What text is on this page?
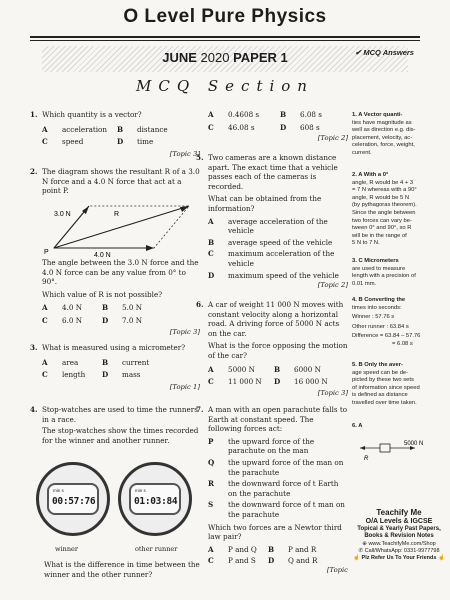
O Level Pure Physics
JUNE 2020 PAPER 1	✔ MCQ Answers
MCQ Section
1. Which quantity is a vector?
A acceleration B distance
C speed	D time
[Topic 3]
2. The diagram shows the resultant R of a 3.0 N force and a 4.0 N force that act at a point P.
3.0 N	R
P	4.0 N
The angle between the 3.0 N force and the 4.0 N force can be any value from 0° to 90°.
Which value of R is not possible?
A 4.0 N	B 5.0 N
C 6.0 N	D 7.0 N
[Topic 3]
3. What is measured using a micrometer?
A area	B current
C length D mass
[Topic 1]
4. Stop-watches are used to time the runners in a race.
The stop-watches show the times recorded for the winner and another runner.
min s
00:57:76
min s
01:03:84
winner	other runner
What is the difference in time between the winner and the other runner?
A 0.4608 s	B 6.08 s
C 46.08 s	D 608 s
[Topic 2]
5. Two cameras are a known distance apart. The exact time that a vehicle passes each of the cameras is recorded.
What can be obtained from the information?
A	average acceleration of the vehicle
B	average speed of the vehicle
C	maximum acceleration of the vehicle
D	maximum speed of the vehicle
[Topic 2]
6. A car of weight 11 000 N moves with constant velocity along a horizontal road. A driving force of 5000 N acts on the car.
What is the force opposing the motion of the car?
A 5000 N	B 6000 N
C 11 000 N D 16 000 N
[Topic 3]
7. A man with an open parachute falls to Earth at constant speed. The following forces act:
P	the upward force of the parachute on the man
Q	the upward force of the man on the parachute
R	the downward force of t Earth on the parachute
S	the downward force of t man on the parachute
Which two forces are a Newtor third law pair?
A P and Q B P and R
C P and S D Q and R
[Topic
1. A Vector quanti-
ties have magnitude as
well as direction e.g. dis-
placement, velocity, ac-
celeration, force, weight,
current.
2. A With a 0°
angle, R would be 4 + 3
= 7 N whereas with a 90°
angle, R would be 5 N
(by pythagoras theorem).
Since the angle between
two forces can vary be-
tween 0° and 90°, so R
will be in the range of
5 N to 7 N.
3. C Micrometers
are used to measure
length with a precision of
0.01 mm.
4. B Converting the
times into seconds:
Winner : 57.76 s
Other runner : 63.84 s
Difference = 63.84 – 57.76
= 6.08 s
5. B Only the aver-
age speed can be de-
picted by these two sets
of information since speed
is defined as distance
travelled over time taken.
6. A
R
5000 N
Teachify Me
O/A Levels & IGCSE
Topical & Yearly Past Papers,
Books & Revision Notes
⊕ www.TeachifyMe.com/Shop
✆ Call/WhatsApp: 0331-9977798
☝ Plz Refer Us To Your Friends ☝
